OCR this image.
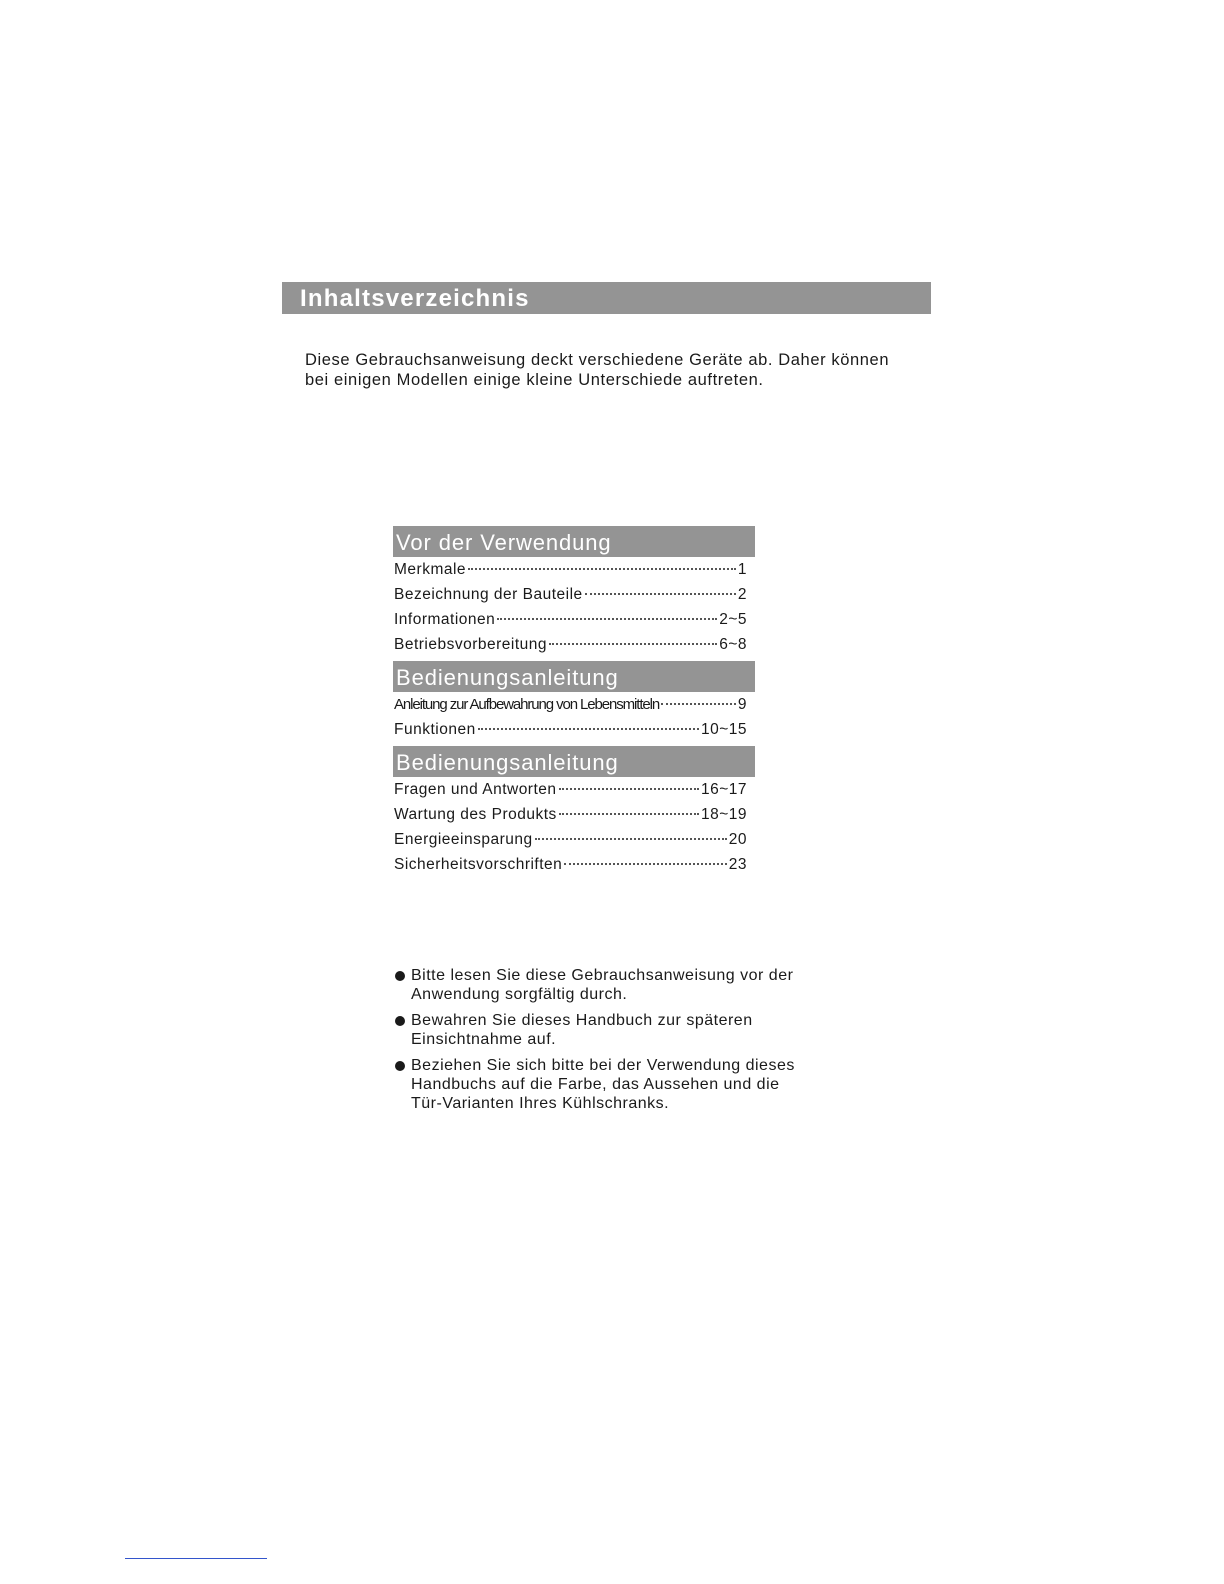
Inhaltsverzeichnis

Diese Gebrauchsanweisung deckt verschiedene Geräte ab. Daher können

bei einigen Modellen einige kleine Unterschiede auftreten.

Vor der Verwendung
Merkmale	1
Bezeichnung der Bauteile	2
Informationen	2~5
Betriebsvorbereitung	6~8
Bedienungsanleitung
Anleitung zur Aufbewahrung von Lebensmitteln	9
Funktionen	10~15
Bedienungsanleitung
Fragen und Antworten	16~17
Wartung des Produkts	18~19
Energieeinsparung	20
Sicherheitsvorschriften	23
Bitte lesen Sie diese Gebrauchsanweisung vor der
Anwendung sorgfältig durch.
Bewahren Sie dieses Handbuch zur späteren
Einsichtnahme auf.
Beziehen Sie sich bitte bei der Verwendung dieses
Handbuchs auf die Farbe, das Aussehen und die
Tür-Varianten Ihres Kühlschranks.
